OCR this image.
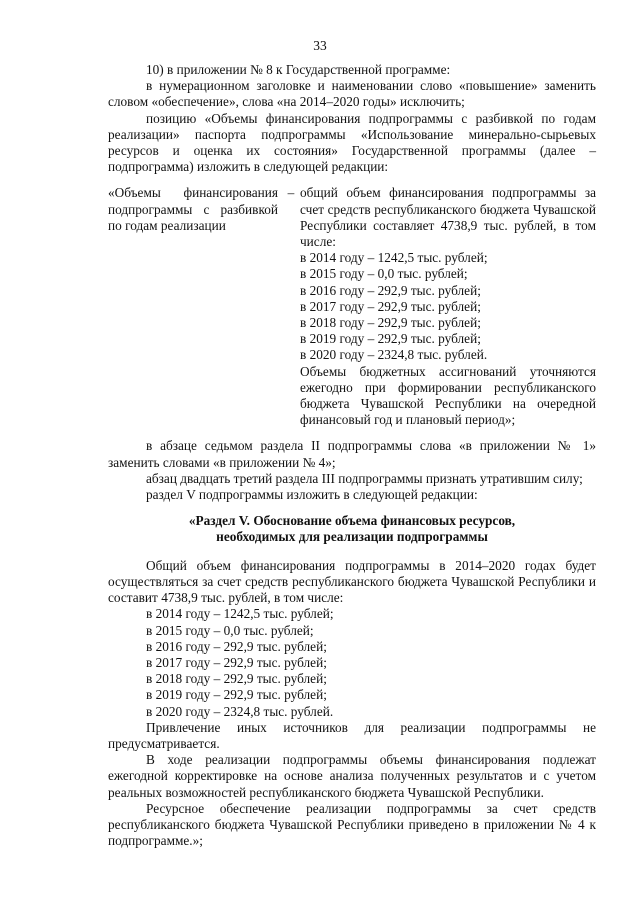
33

10) в приложении № 8 к Государственной программе:

в нумерационном заголовке и наименовании слово «повышение» заменить словом «обеспечение», слова «на 2014–2020 годы» исключить;

позицию «Объемы финансирования подпрограммы с разбивкой по годам реализации» паспорта подпрограммы «Использование минерально-сырьевых ресурсов и оценка их состояния» Государственной программы (далее – подпрограмма) изложить в следующей редакции:

«Объемы финансирования подпрограммы с разбивкой по годам реализации
– общий объем финансирования подпрограммы за счет средств республиканского бюджета Чувашской Республики составляет 4738,9 тыс. рублей, в том числе:
в 2014 году – 1242,5 тыс. рублей;
в 2015 году – 0,0 тыс. рублей;
в 2016 году – 292,9 тыс. рублей;
в 2017 году – 292,9 тыс. рублей;
в 2018 году – 292,9 тыс. рублей;
в 2019 году – 292,9 тыс. рублей;
в 2020 году – 2324,8 тыс. рублей.
Объемы бюджетных ассигнований уточняются ежегодно при формировании республиканского бюджета Чувашской Республики на очередной финансовый год и плановый период»;

в абзаце седьмом раздела II подпрограммы слова «в приложении № 1» заменить словами «в приложении № 4»;

абзац двадцать третий раздела III подпрограммы признать утратившим силу;

раздел V подпрограммы изложить в следующей редакции:

«Раздел V. Обоснование объема финансовых ресурсов,
необходимых для реализации подпрограммы

Общий объем финансирования подпрограммы в 2014–2020 годах будет осуществляться за счет средств республиканского бюджета Чувашской Республики и составит 4738,9 тыс. рублей, в том числе:

в 2014 году – 1242,5 тыс. рублей;

в 2015 году – 0,0 тыс. рублей;

в 2016 году – 292,9 тыс. рублей;

в 2017 году – 292,9 тыс. рублей;

в 2018 году – 292,9 тыс. рублей;

в 2019 году – 292,9 тыс. рублей;

в 2020 году – 2324,8 тыс. рублей.

Привлечение иных источников для реализации подпрограммы не предусматривается.

В ходе реализации подпрограммы объемы финансирования подлежат ежегодной корректировке на основе анализа полученных результатов и с учетом реальных возможностей республиканского бюджета Чувашской Республики.

Ресурсное обеспечение реализации подпрограммы за счет средств республиканского бюджета Чувашской Республики приведено в приложении № 4 к подпрограмме.»;
